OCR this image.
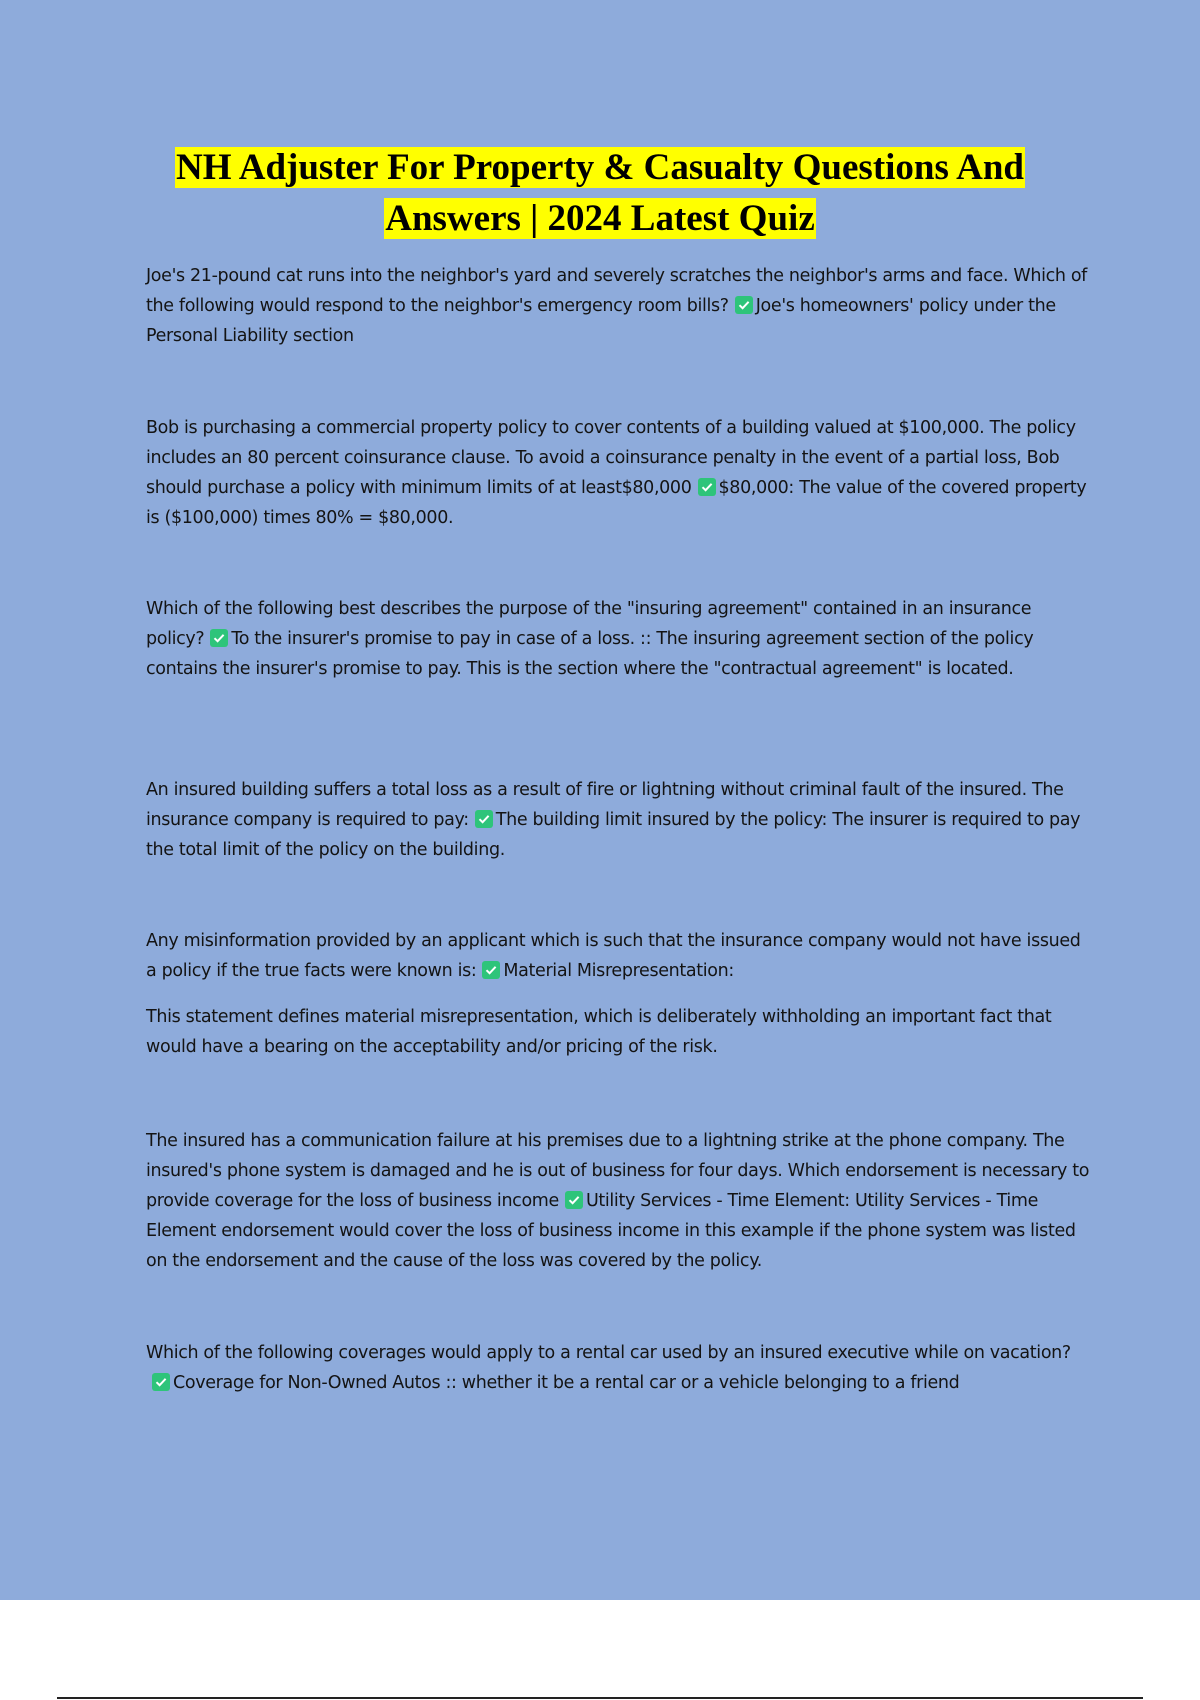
NH Adjuster For Property & Casualty Questions And
Answers | 2024 Latest Quiz

Joe's 21-pound cat runs into the neighbor's yard and severely scratches the neighbor's arms and face. Which of the following would respond to the neighbor's emergency room bills? Joe's homeowners' policy under the Personal Liability section

Bob is purchasing a commercial property policy to cover contents of a building valued at $100,000. The policy includes an 80 percent coinsurance clause. To avoid a coinsurance penalty in the event of a partial loss, Bob should purchase a policy with minimum limits of at least$80,000 $80,000: The value of the covered property is ($100,000) times 80% = $80,000.

Which of the following best describes the purpose of the "insuring agreement" contained in an insurance policy? To the insurer's promise to pay in case of a loss. :: The insuring agreement section of the policy contains the insurer's promise to pay. This is the section where the "contractual agreement" is located.

An insured building suffers a total loss as a result of fire or lightning without criminal fault of the insured. The insurance company is required to pay: The building limit insured by the policy: The insurer is required to pay the total limit of the policy on the building.

Any misinformation provided by an applicant which is such that the insurance company would not have issued a policy if the true facts were known is: Material Misrepresentation:

This statement defines material misrepresentation, which is deliberately withholding an important fact that would have a bearing on the acceptability and/or pricing of the risk.

The insured has a communication failure at his premises due to a lightning strike at the phone company. The insured's phone system is damaged and he is out of business for four days. Which endorsement is necessary to provide coverage for the loss of business income Utility Services - Time Element: Utility Services - Time Element endorsement would cover the loss of business income in this example if the phone system was listed on the endorsement and the cause of the loss was covered by the policy.

Which of the following coverages would apply to a rental car used by an insured executive while on vacation?
Coverage for Non-Owned Autos :: whether it be a rental car or a vehicle belonging to a friend
